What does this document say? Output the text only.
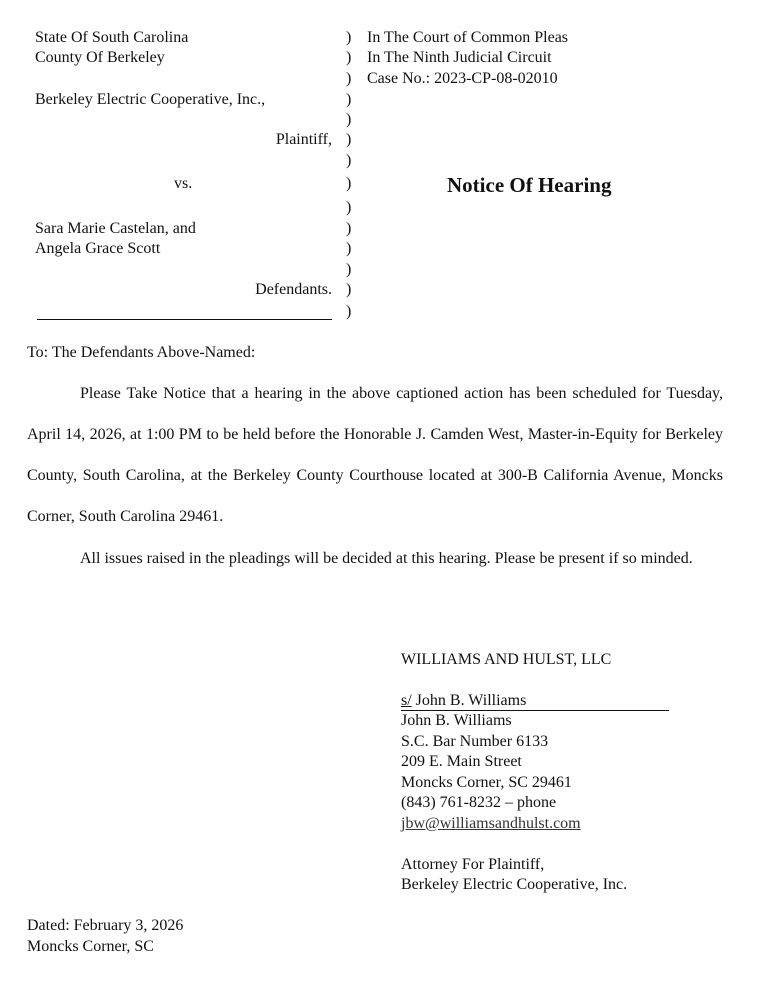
State Of South Carolina
County Of Berkeley
Berkeley Electric Cooperative, Inc.,
Plaintiff,
vs.
Sara Marie Castelan, and
Angela Grace Scott
Defendants.
)
)
)
)
)
)
)
)
)
)
)
)
)
)
In The Court of Common Pleas
In The Ninth Judicial Circuit
Case No.: 2023-CP-08-02010
Notice Of Hearing
To: The Defendants Above-Named:
Please Take Notice that a hearing in the above captioned action has been scheduled for Tuesday, April 14, 2026, at 1:00 PM to be held before the Honorable J. Camden West, Master-in-Equity for Berkeley County, South Carolina, at the Berkeley County Courthouse located at 300-B California Avenue, Moncks Corner, South Carolina 29461.
All issues raised in the pleadings will be decided at this hearing. Please be present if so minded.
WILLIAMS AND HULST, LLC
s/ John B. Williams
John B. Williams
S.C. Bar Number 6133
209 E. Main Street
Moncks Corner, SC 29461
(843) 761-8232 – phone
jbw@williamsandhulst.com
Attorney For Plaintiff,
Berkeley Electric Cooperative, Inc.
Dated: February 3, 2026
Moncks Corner, SC
